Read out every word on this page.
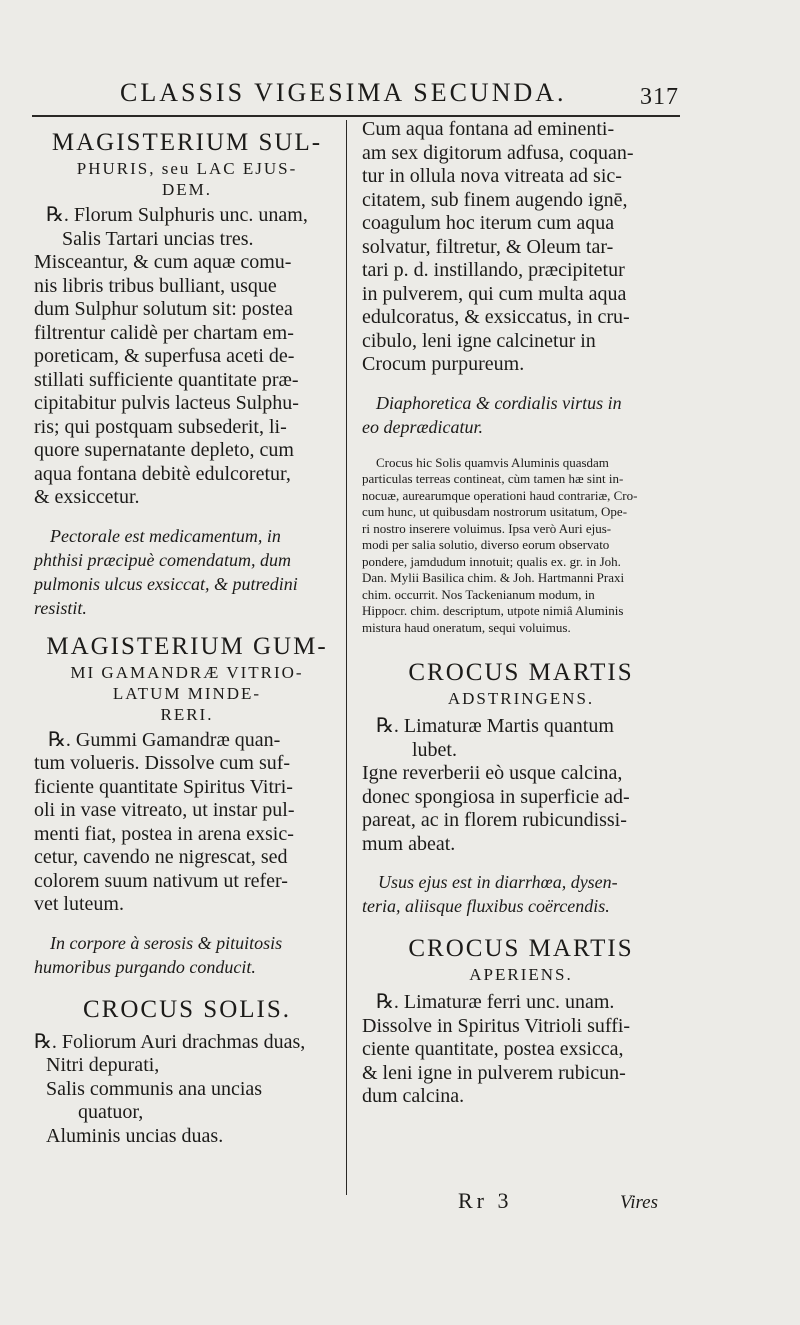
CLASSIS VIGESIMA SECUNDA.	317
MAGISTERIUM SUL-
PHURIS, seu LAC EJUS-
DEM.

℞. Florum Sulphuris unc. unam,

Salis Tartari uncias tres.

Misceantur, & cum aquæ comu-

nis libris tribus bulliant, usque

dum Sulphur solutum sit: postea

filtrentur calidè per chartam em-

poreticam, & superfusa aceti de-

stillati sufficiente quantitate præ-

cipitabitur pulvis lacteus Sulphu-

ris; qui postquam subsederit, li-

quore supernatante depleto, cum

aqua fontana debitè edulcoretur,

& exsiccetur.

Pectorale est medicamentum, in

phthisi præcipuè comendatum, dum

pulmonis ulcus exsiccat, & putredini

resistit.

MAGISTERIUM GUM-
MI GAMANDRÆ VITRIO-
LATUM MINDE-
RERI.

℞. Gummi Gamandræ quan-

tum volueris. Dissolve cum suf-

ficiente quantitate Spiritus Vitri-

oli in vase vitreato, ut instar pul-

menti fiat, postea in arena exsic-

cetur, cavendo ne nigrescat, sed

colorem suum nativum ut refer-

vet luteum.

In corpore à serosis & pituitosis

humoribus purgando conducit.

CROCUS SOLIS.

℞. Foliorum Auri drachmas duas,

Nitri depurati,

Salis communis ana uncias

quatuor,

Aluminis uncias duas.

Cum aqua fontana ad eminenti-

am sex digitorum adfusa, coquan-

tur in ollula nova vitreata ad sic-

citatem, sub finem augendo ignē,

coagulum hoc iterum cum aqua

solvatur, filtretur, & Oleum tar-

tari p. d. instillando, præcipitetur

in pulverem, qui cum multa aqua

edulcoratus, & exsiccatus, in cru-

cibulo, leni igne calcinetur in

Crocum purpureum.

Diaphoretica & cordialis virtus in

eo deprædicatur.

Crocus hic Solis quamvis Aluminis quasdam

particulas terreas contineat, cùm tamen hæ sint in-

nocuæ, aurearumque operationi haud contrariæ, Cro-

cum hunc, ut quibusdam nostrorum usitatum, Ope-

ri nostro inserere voluimus. Ipsa verò Auri ejus-

modi per salia solutio, diverso eorum observato

pondere, jamdudum innotuit; qualis ex. gr. in Joh.

Dan. Mylii Basilica chim. & Joh. Hartmanni Praxi

chim. occurrit. Nos Tackenianum modum, in

Hippocr. chim. descriptum, utpote nimiâ Aluminis

mistura haud oneratum, sequi voluimus.

CROCUS MARTIS
ADSTRINGENS.

℞. Limaturæ Martis quantum

lubet.

Igne reverberii eò usque calcina,

donec spongiosa in superficie ad-

pareat, ac in florem rubicundissi-

mum abeat.

Usus ejus est in diarrhœa, dysen-

teria, aliisque fluxibus coërcendis.

CROCUS MARTIS
APERIENS.

℞. Limaturæ ferri unc. unam.

Dissolve in Spiritus Vitrioli suffi-

ciente quantitate, postea exsicca,

& leni igne in pulverem rubicun-

dum calcina.

Rr 3	Vires
